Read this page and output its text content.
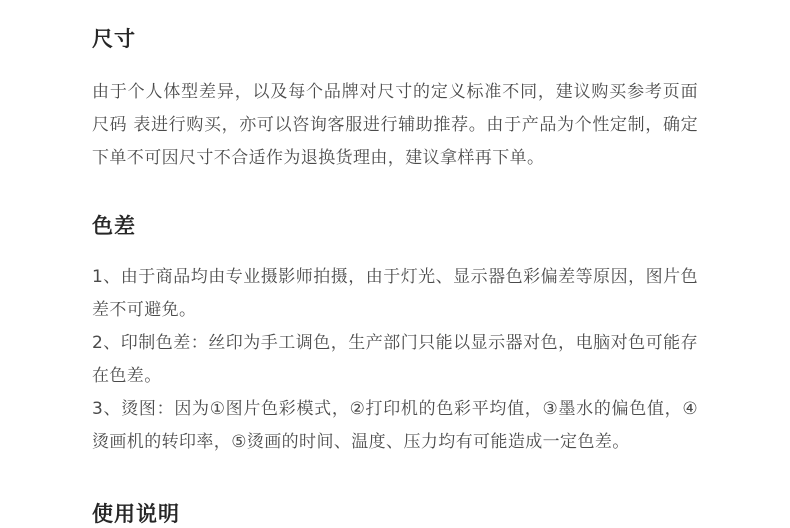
尺寸

由于个人体型差异，以及每个品牌对尺寸的定义标准不同，建议购买参考页面尺码 表进行购买，亦可以咨询客服进行辅助推荐。由于产品为个性定制，确定下单不可因尺寸不合适作为退换货理由，建议拿样再下单。

色差

1、由于商品均由专业摄影师拍摄，由于灯光、显示器色彩偏差等原因，图片色差不可避免。

2、印制色差：丝印为手工调色，生产部门只能以显示器对色，电脑对色可能存在色差。

3、烫图：因为①图片色彩模式，②打印机的色彩平均值，③墨水的偏色值，④烫画机的转印率，⑤烫画的时间、温度、压力均有可能造成一定色差。

使用说明
